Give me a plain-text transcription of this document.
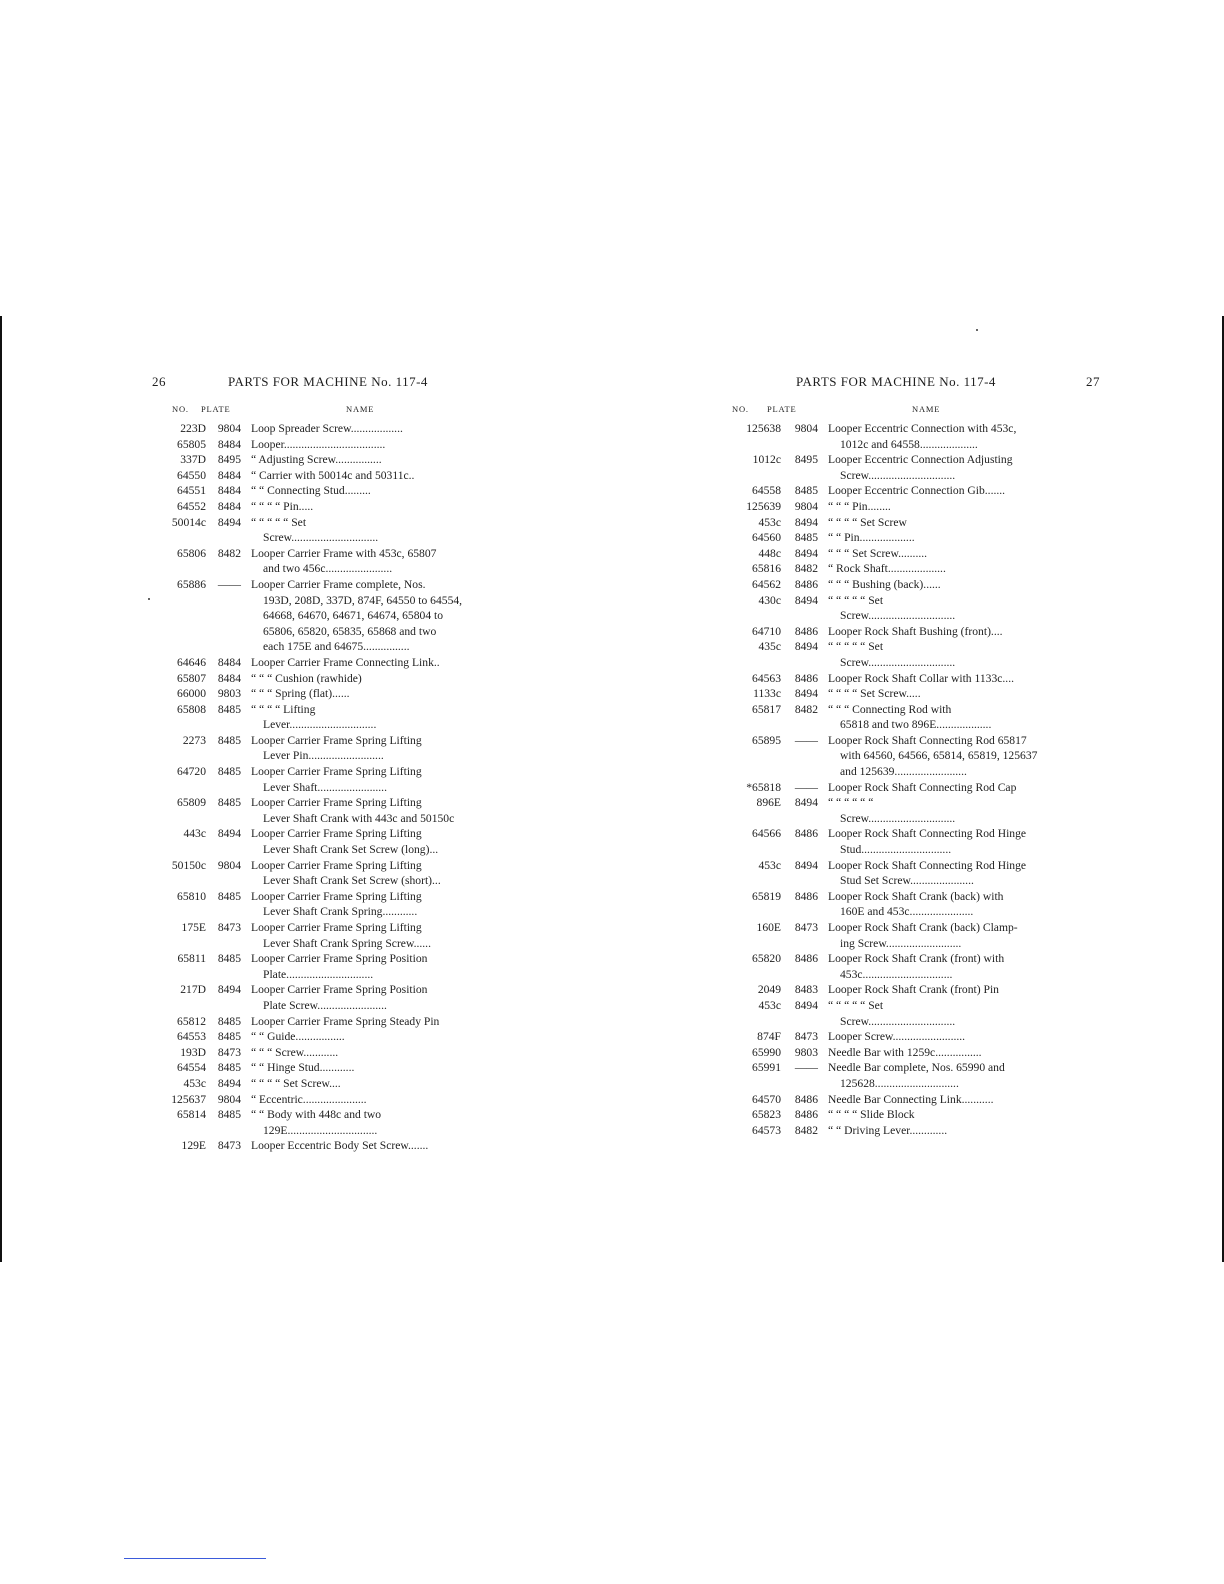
26	PARTS FOR MACHINE No. 117-4
NO. PLATE	NAME
223D	9804 Loop Spreader Screw..................
65805	8484 Looper...................................
337D	8495 “ Adjusting Screw................
64550	8484 “ Carrier with 50014c and 50311c..
64551	8484 “ “ Connecting Stud.........
64552	8484 “ “ “ “ Pin.....
50014c	8494 “ “ “ “ “ Set
Screw..............................
65806	8482 Looper Carrier Frame with 453c, 65807
and two 456c.......................
65886	—— Looper Carrier Frame complete, Nos.
193D, 208D, 337D, 874F, 64550 to 64554,
64668, 64670, 64671, 64674, 65804 to
65806, 65820, 65835, 65868 and two
each 175E and 64675................
64646	8484 Looper Carrier Frame Connecting Link..
65807	8484 “ “ “ Cushion (rawhide)
66000	9803 “ “ “ Spring (flat)......
65808	8485 “ “ “ “ Lifting
Lever..............................
2273	8485 Looper Carrier Frame Spring Lifting
Lever Pin..........................
64720	8485 Looper Carrier Frame Spring Lifting
Lever Shaft........................
65809	8485 Looper Carrier Frame Spring Lifting
Lever Shaft Crank with 443c and 50150c
443c	8494 Looper Carrier Frame Spring Lifting
Lever Shaft Crank Set Screw (long)...
50150c	9804 Looper Carrier Frame Spring Lifting
Lever Shaft Crank Set Screw (short)...
65810	8485 Looper Carrier Frame Spring Lifting
Lever Shaft Crank Spring............
175E	8473 Looper Carrier Frame Spring Lifting
Lever Shaft Crank Spring Screw......
65811	8485 Looper Carrier Frame Spring Position
Plate..............................
217D	8494 Looper Carrier Frame Spring Position
Plate Screw........................
65812	8485 Looper Carrier Frame Spring Steady Pin
64553	8485 “ “ Guide.................
193D	8473 “ “ “ Screw............
64554	8485 “ “ Hinge Stud............
453c	8494 “ “ “ “ Set Screw....
125637	9804 “ Eccentric......................
65814	8485 “ “ Body with 448c and two
129E...............................
129E	8473 Looper Eccentric Body Set Screw.......
PARTS FOR MACHINE No. 117-4	27
NO. PLATE	NAME
125638	9804 Looper Eccentric Connection with 453c,
1012c and 64558....................
1012c	8495 Looper Eccentric Connection Adjusting
Screw..............................
64558	8485 Looper Eccentric Connection Gib.......
125639	9804 “ “ “ Pin........
453c	8494 “ “ “ “ Set Screw
64560	8485 “ “ Pin...................
448c	8494 “ “ “ Set Screw..........
65816	8482 “ Rock Shaft....................
64562	8486 “ “ “ Bushing (back)......
430c	8494 “ “ “ “ “ Set
Screw..............................
64710	8486 Looper Rock Shaft Bushing (front)....
435c	8494 “ “ “ “ “ Set
Screw..............................
64563	8486 Looper Rock Shaft Collar with 1133c....
1133c	8494 “ “ “ “ Set Screw.....
65817	8482 “ “ “ Connecting Rod with
65818 and two 896E...................
65895	—— Looper Rock Shaft Connecting Rod 65817
with 64560, 64566, 65814, 65819, 125637
and 125639.........................
*65818	—— Looper Rock Shaft Connecting Rod Cap
896E	8494 “ “ “ “ “ “
Screw..............................
64566	8486 Looper Rock Shaft Connecting Rod Hinge
Stud...............................
453c	8494 Looper Rock Shaft Connecting Rod Hinge
Stud Set Screw......................
65819	8486 Looper Rock Shaft Crank (back) with
160E and 453c......................
160E	8473 Looper Rock Shaft Crank (back) Clamp-
ing Screw..........................
65820	8486 Looper Rock Shaft Crank (front) with
453c...............................
2049	8483 Looper Rock Shaft Crank (front) Pin
453c	8494 “ “ “ “ “ Set
Screw..............................
874F	8473 Looper Screw.........................
65990	9803 Needle Bar with 1259c................
65991	—— Needle Bar complete, Nos. 65990 and
125628.............................
64570	8486 Needle Bar Connecting Link...........
65823	8486 “ “ “ “ Slide Block
64573	8482 “ “ Driving Lever.............
